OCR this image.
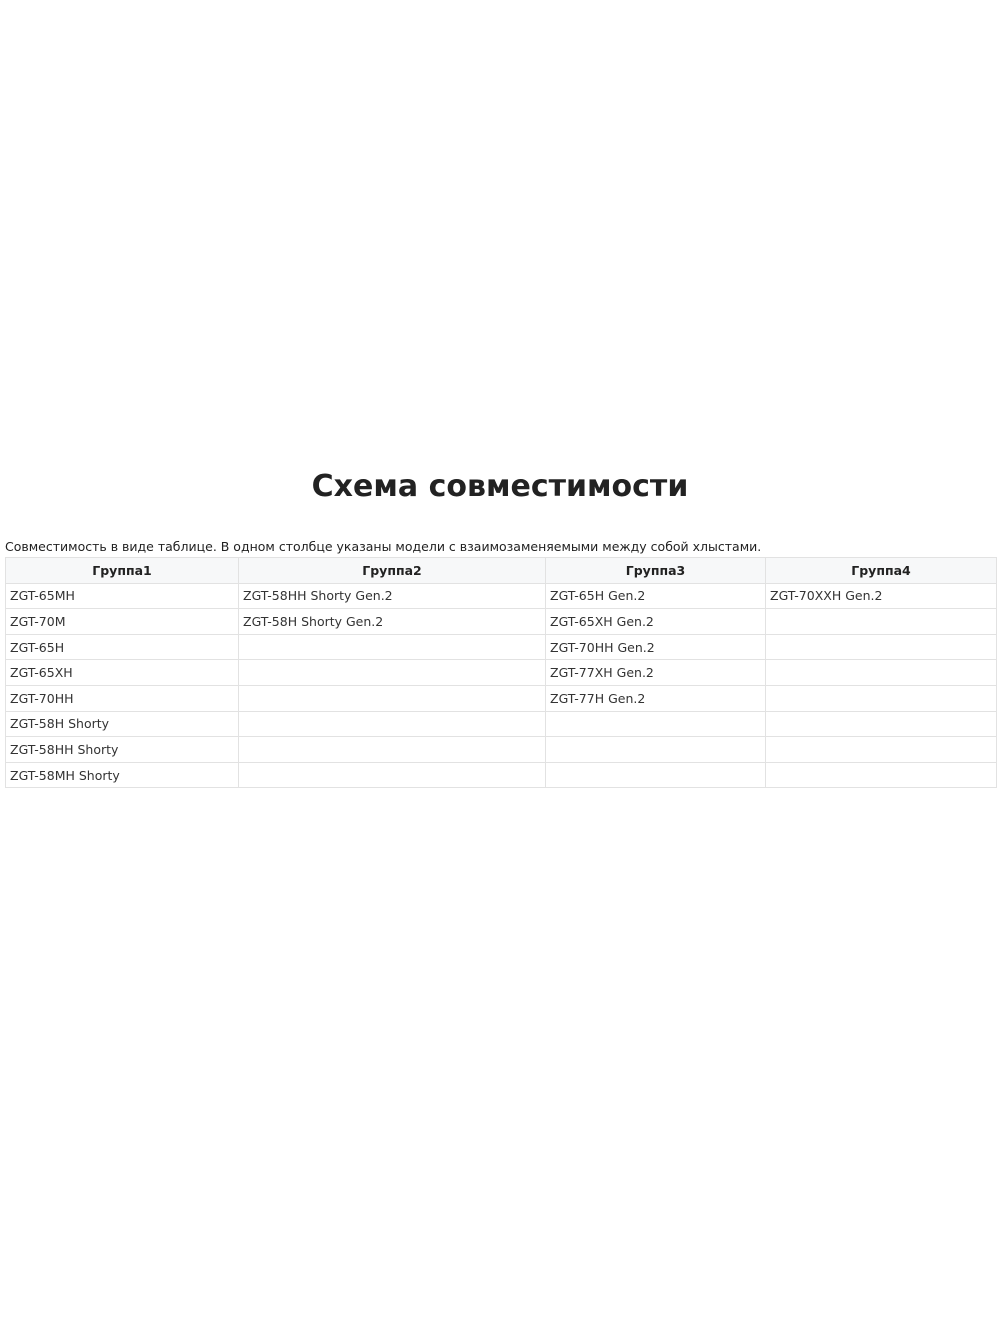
Схема совместимости

Совместимость в виде таблице. В одном столбце указаны модели с взаимозаменяемыми между собой хлыстами.

Группа1	Группа2	Группа3	Группа4
ZGT-65MH	ZGT-58HH Shorty Gen.2	ZGT-65H Gen.2	ZGT-70XXH Gen.2
ZGT-70M	ZGT-58H Shorty Gen.2	ZGT-65XH Gen.2	
ZGT-65H		ZGT-70HH Gen.2	
ZGT-65XH		ZGT-77XH Gen.2	
ZGT-70HH		ZGT-77H Gen.2	
ZGT-58H Shorty			
ZGT-58HH Shorty			
ZGT-58MH Shorty			
